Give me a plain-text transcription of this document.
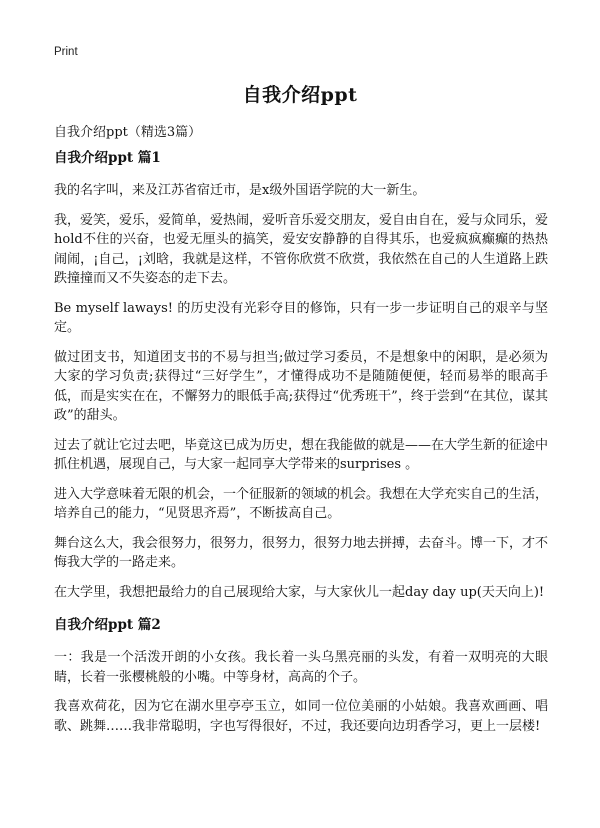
Print
自我介绍ppt
自我介绍ppt（精选3篇）
自我介绍ppt 篇1

我的名字叫，来及江苏省宿迁市，是x级外国语学院的大一新生。

我，爱笑，爱乐，爱简单，爱热闹，爱听音乐爱交朋友，爱自由自在，爱与众同乐，爱hold不住的兴奋，也爱无厘头的搞笑，爱安安静静的自得其乐，也爱疯疯癫癫的热热闹闹，¡自己，¡刘晗，我就是这样，不管你欣赏不欣赏，我依然在自己的人生道路上跌跌撞撞而又不失姿态的走下去。

Be myself laways! 的历史没有光彩夺目的修饰，只有一步一步证明自己的艰辛与坚定。

做过团支书，知道团支书的不易与担当;做过学习委员，不是想象中的闲职，是必须为大家的学习负责;获得过“三好学生”，才懂得成功不是随随便便，轻而易举的眼高手低，而是实实在在，不懈努力的眼低手高;获得过“优秀班干”，终于尝到“在其位，谋其政”的甜头。

过去了就让它过去吧，毕竟这已成为历史，想在我能做的就是——在大学生新的征途中抓住机遇，展现自己，与大家一起同享大学带来的surprises 。

进入大学意味着无限的机会，一个征服新的领域的机会。我想在大学充实自己的生活，培养自己的能力，“见贤思齐焉”，不断拔高自己。

舞台这么大，我会很努力，很努力，很努力，很努力地去拼搏，去奋斗。博一下，才不悔我大学的一路走来。

在大学里，我想把最给力的自己展现给大家，与大家伙儿一起day day up(天天向上)!

自我介绍ppt 篇2

一：我是一个活泼开朗的小女孩。我长着一头乌黑亮丽的头发，有着一双明亮的大眼睛，长着一张樱桃般的小嘴。中等身材，高高的个子。

我喜欢荷花，因为它在湖水里亭亭玉立，如同一位位美丽的小姑娘。我喜欢画画、唱歌、跳舞……我非常聪明，字也写得很好，不过，我还要向边玥香学习，更上一层楼!
